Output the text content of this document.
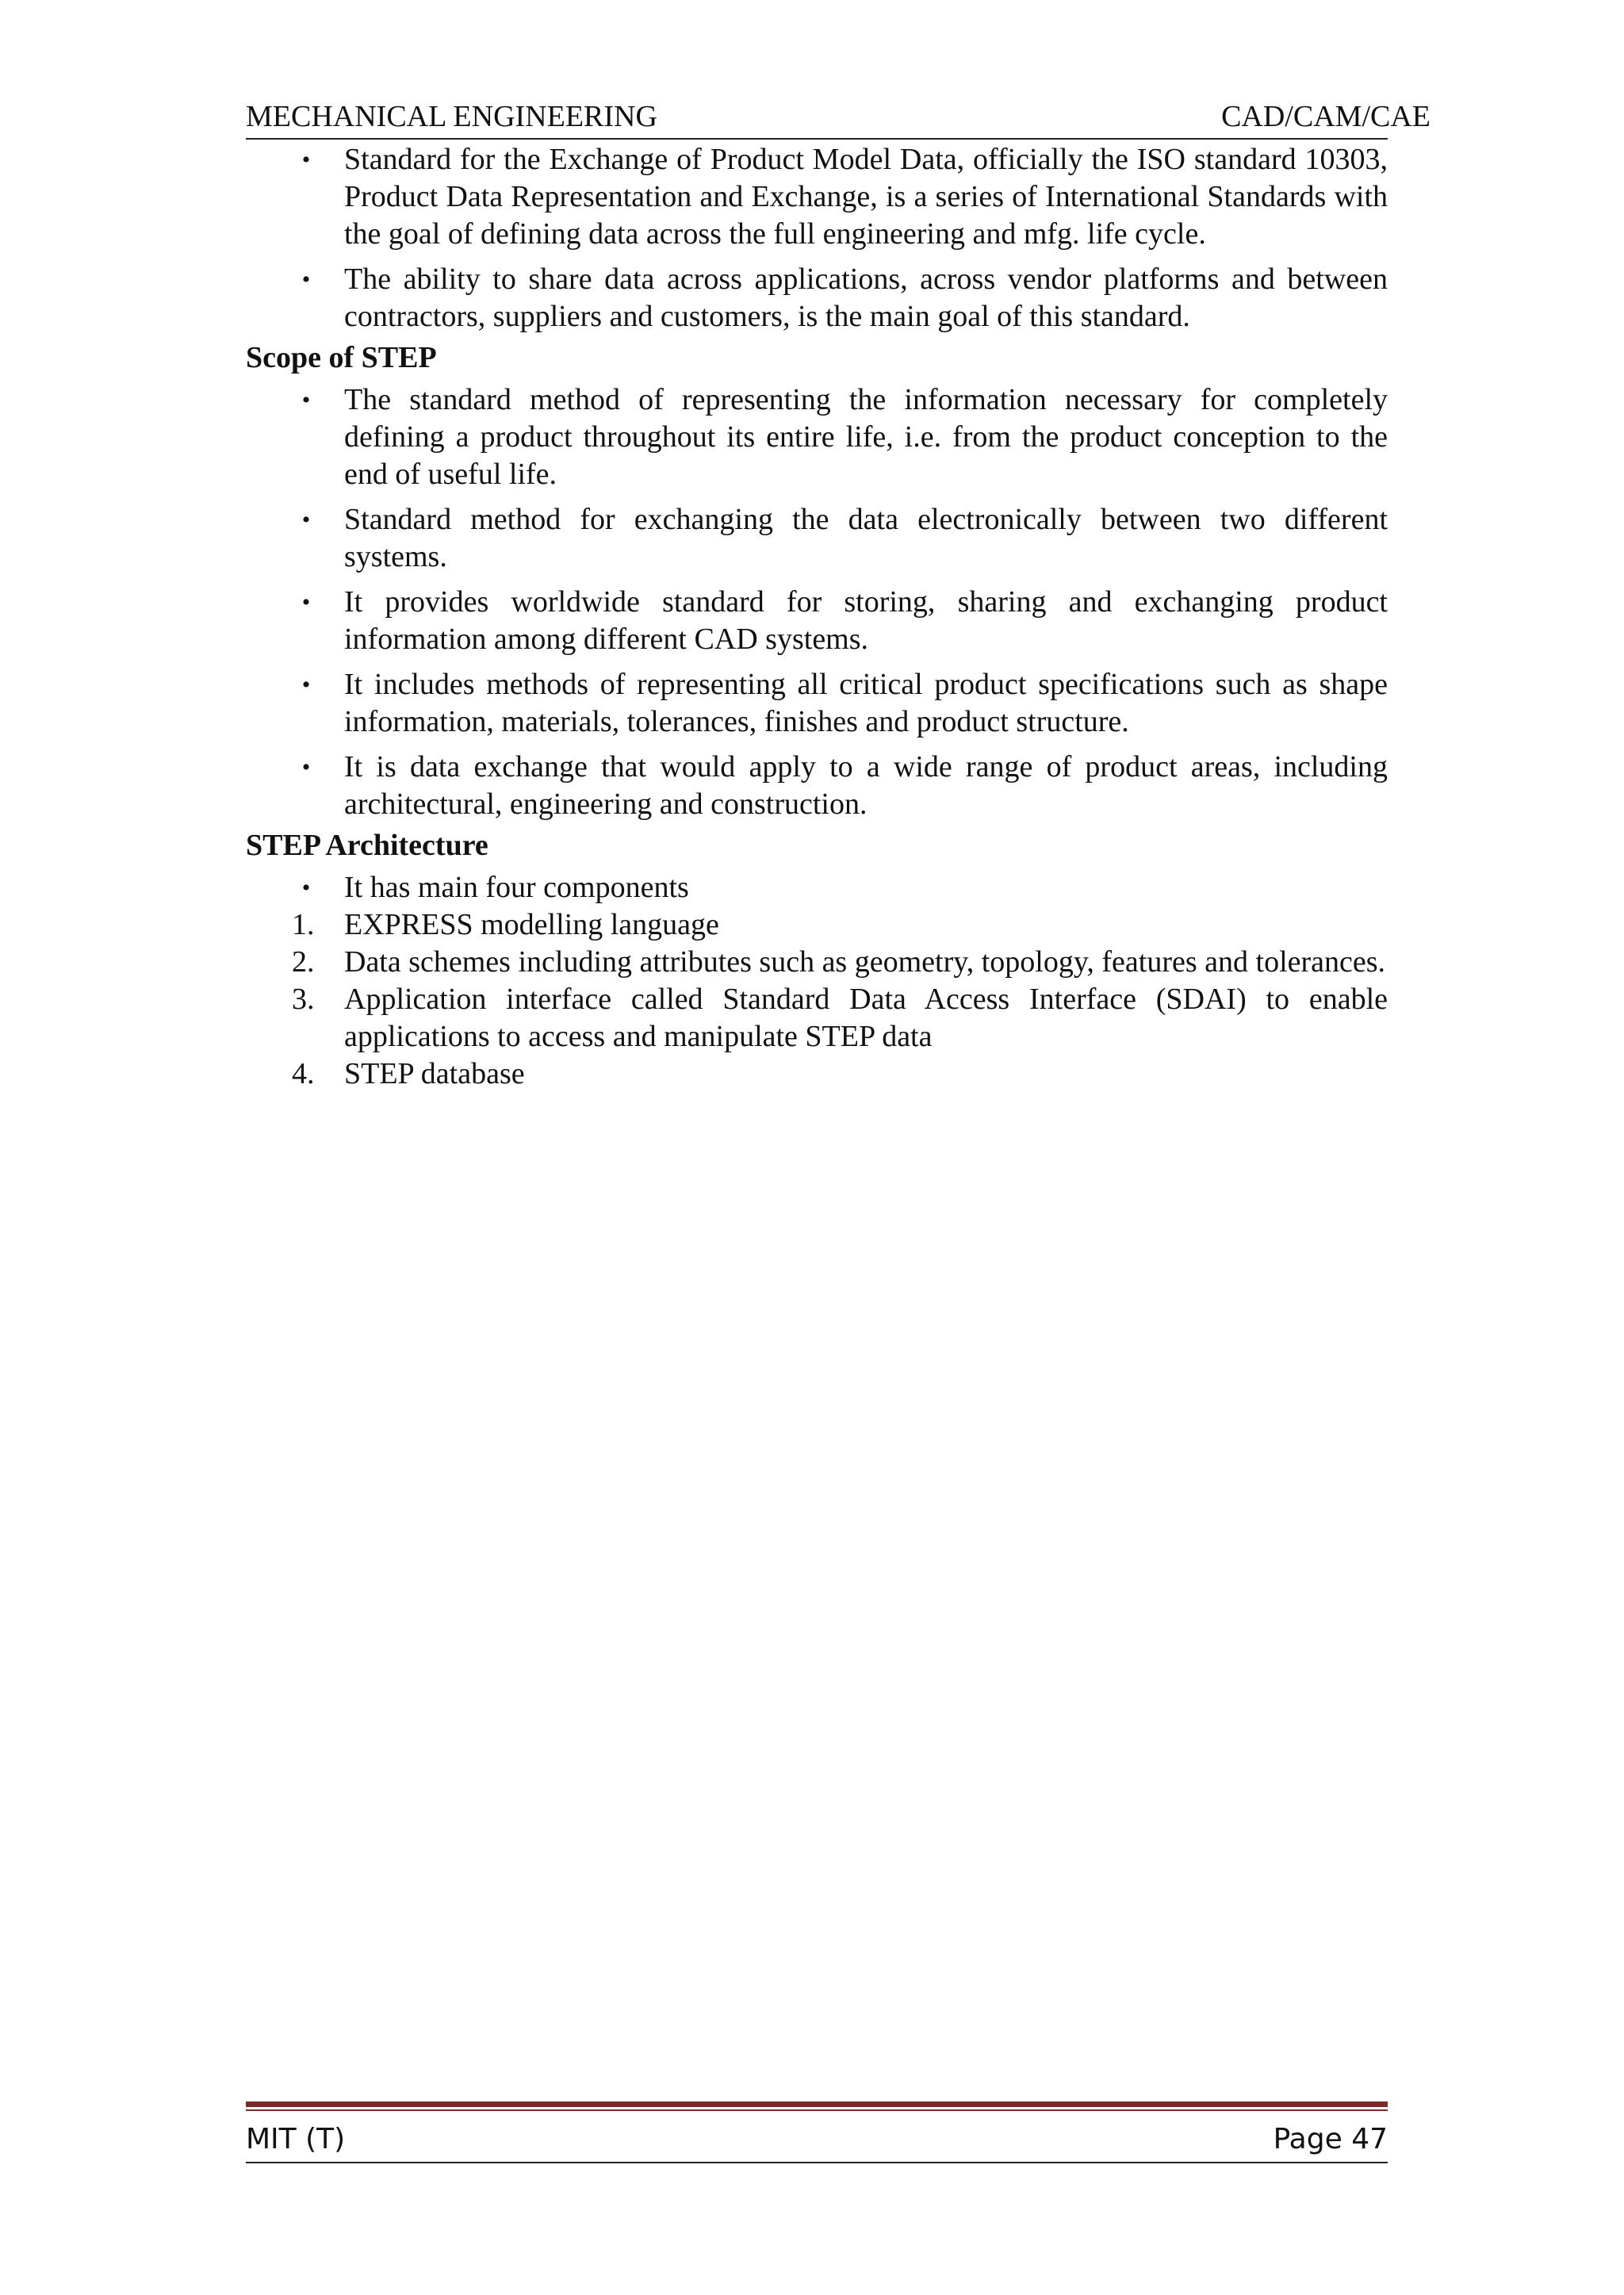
MECHANICAL ENGINEERING	CAD/CAM/CAE
•	Standard for the Exchange of Product Model Data, officially the ISO standard 10303, Product Data Representation and Exchange, is a series of International Standards with the goal of defining data across the full engineering and mfg. life cycle.
•	The ability to share data across applications, across vendor platforms and between contractors, suppliers and customers, is the main goal of this standard.
Scope of STEP
•	The standard method of representing the information necessary for completely defining a product throughout its entire life, i.e. from the product conception to the end of useful life.
•	Standard method for exchanging the data electronically between two different systems.
•	It provides worldwide standard for storing, sharing and exchanging product information among different CAD systems.
•	It includes methods of representing all critical product specifications such as shape information, materials, tolerances, finishes and product structure.
•	It is data exchange that would apply to a wide range of product areas, including architectural, engineering and construction.
STEP Architecture
•	It has main four components
1. EXPRESS modelling language
2. Data schemes including attributes such as geometry, topology, features and tolerances.
3. Application interface called Standard Data Access Interface (SDAI) to enable applications to access and manipulate STEP data
4. STEP database
MIT (T)	Page 47
